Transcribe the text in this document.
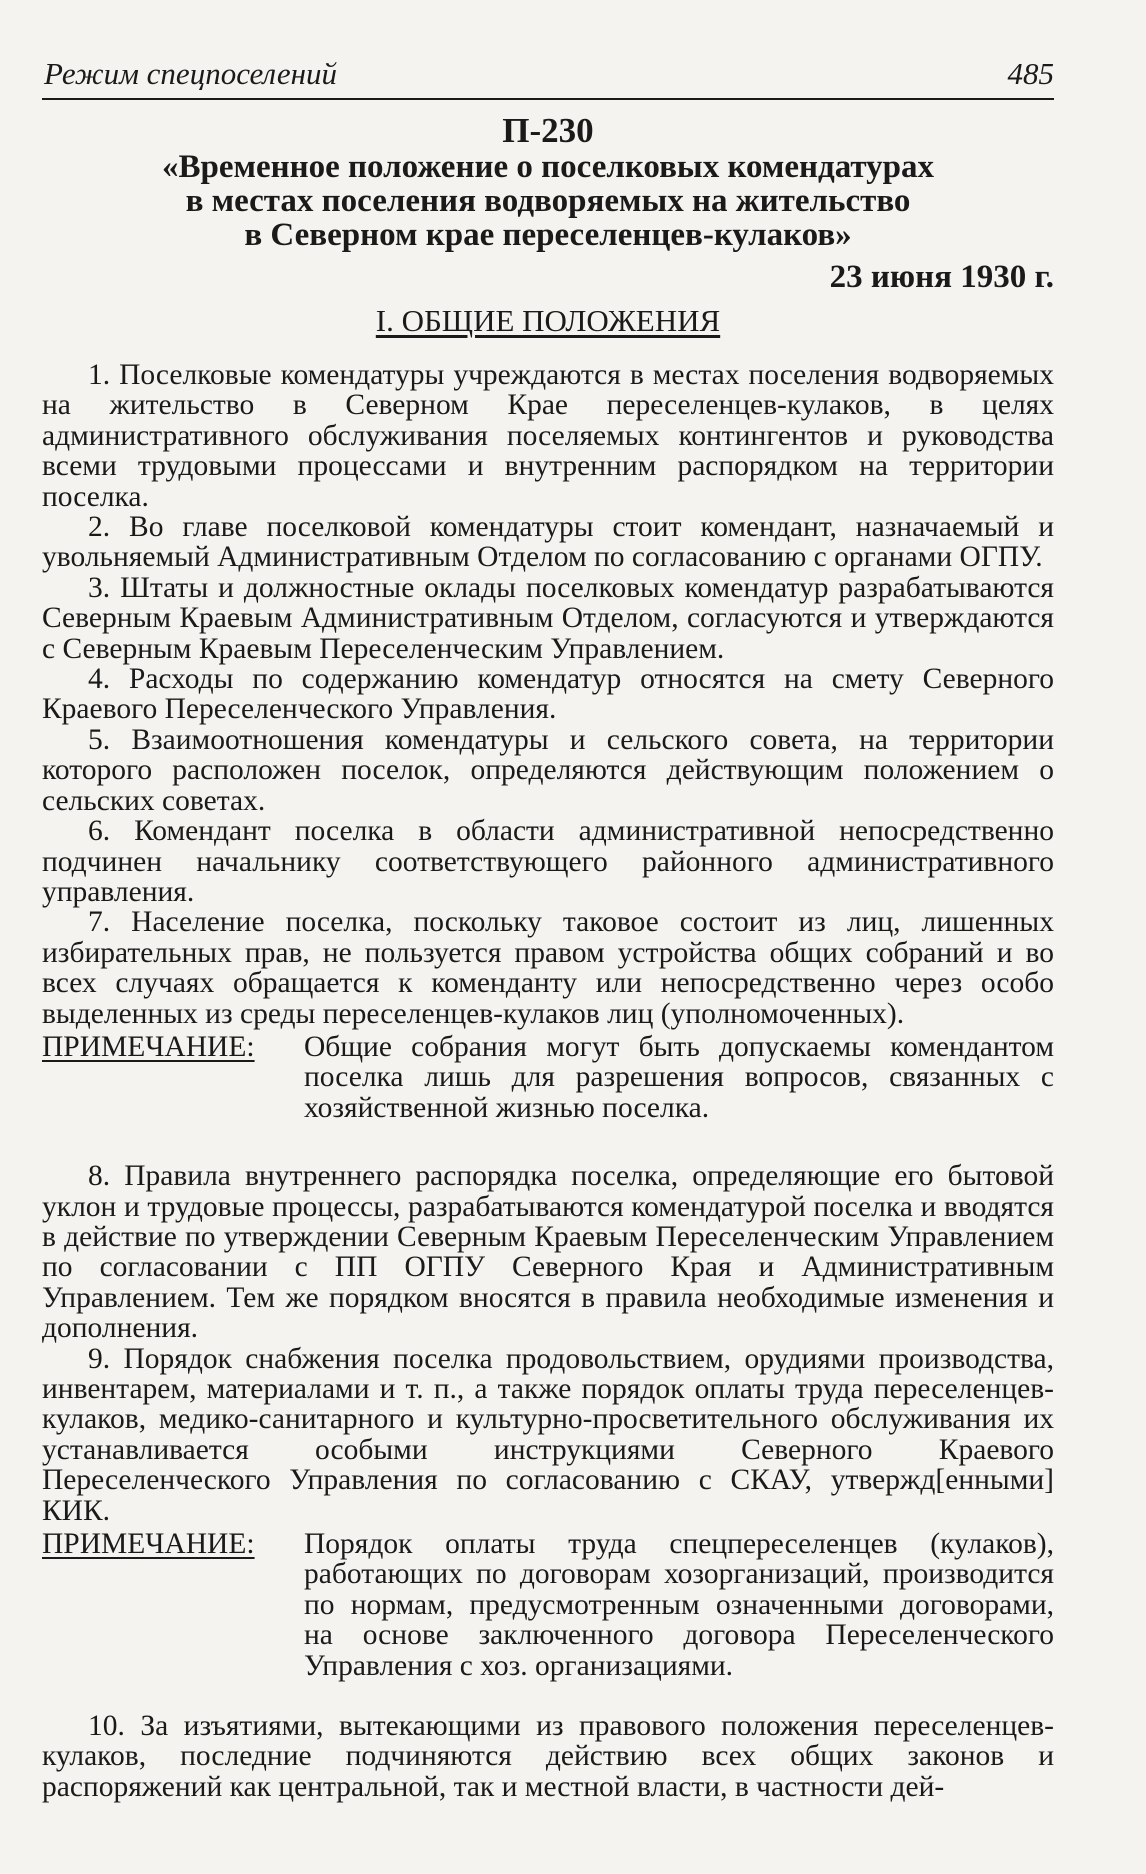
Режим спецпоселений	485
П-230
«Временное положение о поселковых комендатурах
в местах поселения водворяемых на жительство
в Северном крае переселенцев-кулаков»
23 июня 1930 г.
I. ОБЩИЕ ПОЛОЖЕНИЯ

1. Поселковые комендатуры учреждаются в местах поселения водворяемых на жительство в Северном Крае переселенцев-кулаков, в целях административного обслуживания поселяемых контингентов и руководства всеми трудовыми процессами и внутренним распорядком на территории поселка.

2. Во главе поселковой комендатуры стоит комендант, назначаемый и увольняемый Административным Отделом по согласованию с органами ОГПУ.

3. Штаты и должностные оклады поселковых комендатур разрабатываются Северным Краевым Административным Отделом, согласуются и утверждаются с Северным Краевым Переселенческим Управлением.

4. Расходы по содержанию комендатур относятся на смету Северного Краевого Переселенческого Управления.

5. Взаимоотношения комендатуры и сельского совета, на территории которого расположен поселок, определяются действующим положением о сельских советах.

6. Комендант поселка в области административной непосредственно подчинен начальнику соответствующего районного административного управления.

7. Население поселка, поскольку таковое состоит из лиц, лишенных избирательных прав, не пользуется правом устройства общих собраний и во всех случаях обращается к коменданту или непосредственно через особо выделенных из среды переселенцев-кулаков лиц (уполномоченных).

ПРИМЕЧАНИЕ:	Общие собрания могут быть допускаемы комендантом поселка лишь для разрешения вопросов, связанных с хозяйственной жизнью поселка.

8. Правила внутреннего распорядка поселка, определяющие его бытовой уклон и трудовые процессы, разрабатываются комендатурой поселка и вводятся в действие по утверждении Северным Краевым Переселенческим Управлением по согласовании с ПП ОГПУ Северного Края и Административным Управлением. Тем же порядком вносятся в правила необходимые изменения и дополнения.

9. Порядок снабжения поселка продовольствием, орудиями производства, инвентарем, материалами и т. п., а также порядок оплаты труда переселенцев-кулаков, медико-санитарного и культурно-просветительного обслуживания их устанавливается особыми инструкциями Северного Краевого Переселенческого Управления по согласованию с СКАУ, утвержд[енными] КИК.

ПРИМЕЧАНИЕ:	Порядок оплаты труда спецпереселенцев (кулаков), работающих по договорам хозорганизаций, производится по нормам, предусмотренным означенными договорами, на основе заключенного договора Переселенческого Управления с хоз. организациями.

10. За изъятиями, вытекающими из правового положения переселенцев-кулаков, последние подчиняются действию всех общих законов и распоряжений как центральной, так и местной власти, в частности дей-
